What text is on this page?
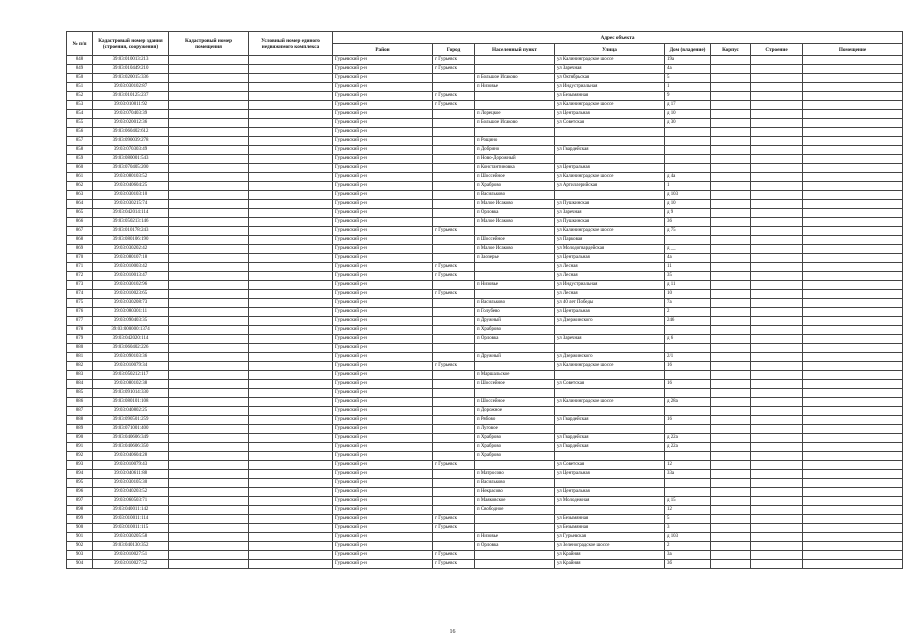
№ п/п	Кадастровый номер здания (строения, сооружения)	Кадастровый номер помещения	Условный номер единого недвижимого комплекса	Адрес объекта							
				Район	Город	Населенный пункт	Улица	Дом (владение)	Корпус	Строение	Помещение
848	39:03:010013:213			Гурьевский р-н	г Гурьевск		ул Калининградское шоссе	19а			
849	39:03:010449:210			Гурьевский р-н	г Гурьевск		ул Заречная	4а			
850	39:03:020015:336			Гурьевский р-н		п Большое Исаково	ул Октябрьская	5			
851	39:03:030102:87			Гурьевский р-н		п Низовье	ул Индустриальная	1			
852	39:03:010125:237			Гурьевский р-н	г Гурьевск		ул Безымянная	9			
853	39:03:010011:92			Гурьевский р-н	г Гурьевск		ул Калининградское шоссе	д 17			
854	39:03:070403:39			Гурьевский р-н		п Лорецкое	ул Центральная	д 10			
855	39:03:020012:36			Гурьевский р-н		п Большое Исаково	ул Советская	д 30			
856	39:03:060402:612			Гурьевский р-н							
857	39:03:090039:278			Гурьевский р-н		п Рощино					
858	39:03:070303:49			Гурьевский р-н		п Добрино	ул Гвардейская				
859	39:03:080001:543			Гурьевский р-н		п Ново-Дорожный					
860	39:03:070405:200			Гурьевский р-н		п Константиновка	ул Центральная				
861	39:03:080103:52			Гурьевский р-н		п Шоссейное	ул Калининградское шоссе	д 4а			
862	39:03:040604:25			Гурьевский р-н		п Храброво	ул Артиллерийская	1			
863	39:03:030103:10			Гурьевский р-н		п Васильково		д 103			
864	39:03:030215:74			Гурьевский р-н		п Малое Исаково	ул Пушкинская	д 10			
865	39:03:042014:114			Гурьевский р-н		п Орловка	ул Заречная	д 9			
866	39:03:050213:146			Гурьевский р-н		п Малое Исаково	ул Пушкинская	36			
867	39:03:010178:243			Гурьевский р-н	г Гурьевск		ул Калининградское шоссе	д 75			
868	39:03:080106:190			Гурьевский р-н		п Шоссейное	ул Парковая				
869	39:03:030202:42			Гурьевский р-н		п Малое Исаково	ул Молодогвардейская	д __			
870	39:03:080107:18			Гурьевский р-н		п Заозерье	ул Центральная	4а			
871	39:03:010003:42			Гурьевский р-н	г Гурьевск		ул Лесная	11			
872	39:03:010013:47			Гурьевский р-н	г Гурьевск		ул Лесная	35			
873	39:03:030102:96			Гурьевский р-н		п Низовье	ул Индустриальная	д 11			
874	39:03:010023:65			Гурьевский р-н	г Гурьевск		ул Лесная	10			
875	39:03:030208:73			Гурьевский р-н		п Васильково	ул 40 лет Победы	7а			
876	39:03:080301:11			Гурьевский р-н		п Голубево	ул Центральная	2			
877	39:03:090403:35			Гурьевский р-н		п Дружный	ул Дзержинского	246			
878	39:03:000000:1374			Гурьевский р-н		п Храброво					
879	39:03:042020:114			Гурьевский р-н		п Орловка	ул Заречная	д 6			
880	39:03:060402:226			Гурьевский р-н							
881	39:03:090103:36			Гурьевский р-н		п Дружный	ул Дзержинского	2/1			
882	39:03:010079:34			Гурьевский р-н	г Гурьевск		ул Калининградское шоссе	16			
883	39:03:050212:117			Гурьевский р-н		п Маршальское					
884	39:03:080102:38			Гурьевский р-н		п Шоссейное	ул Советская	16			
885	39:03:091014:330			Гурьевский р-н							
886	39:03:080101:108			Гурьевский р-н		п Шоссейное	ул Калининградское шоссе	д 28а			
887	39:03:040802:25			Гурьевский р-н		п Дорожное					
888	39:03:090501:259			Гурьевский р-н		п Рябово	ул Гвардейская	16			
889	39:03:071001:400			Гурьевский р-н		п Луговое					
890	39:03:040606:349			Гурьевский р-н		п Храброво	ул Гвардейская	д 22а			
891	39:03:040606:350			Гурьевский р-н		п Храброво	ул Гвардейская	д 22а			
892	39:03:040604:28			Гурьевский р-н		п Храброво					
893	39:03:010079:43			Гурьевский р-н	г Гурьевск		ул Советская	12			
894	39:03:040611:88			Гурьевский р-н		п Матросово	ул Центральная	33а			
895	39:03:030105:30			Гурьевский р-н		п Васильково					
896	39:03:040203:52			Гурьевский р-н		п Некрасово	ул Центральная				
897	39:03:060503:71			Гурьевский р-н		п Маяковское	ул Молодежная	д 15			
898	39:03:040011:142			Гурьевский р-н		п Свободное		12			
899	39:03:010011:114			Гурьевский р-н	г Гурьевск		ул Безымянная	5			
900	39:03:010011:115			Гурьевский р-н	г Гурьевск		ул Безымянная	3			
901	39:03:030205:58			Гурьевский р-н		п Низовье	ул Гурьевская	д 103			
902	39:03:040130:352			Гурьевский р-н		п Орловка	ул Зеленоградское шоссе	2			
903	39:03:010027:51			Гурьевский р-н	г Гурьевск		ул Крайняя	3а			
904	39:03:010027:52			Гурьевский р-н	г Гурьевск		ул Крайняя	3б			
16
